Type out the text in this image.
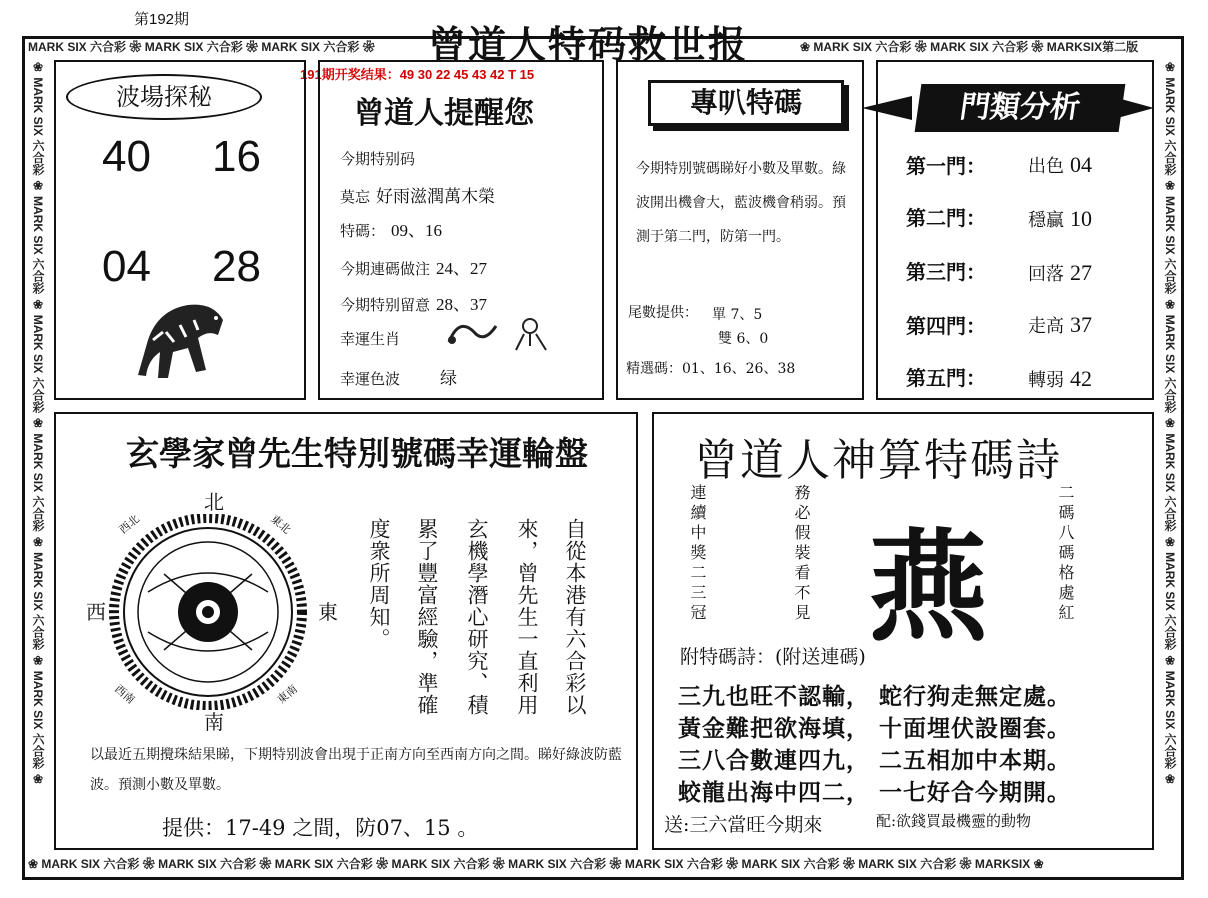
第192期
曾道人特码救世报
MARK SIX 六合彩 ❀ MARK SIX 六合彩 ❀ MARK SIX 六合彩 ❀	❀ MARK SIX 六合彩 ❀ MARK SIX 六合彩 ❀ MARKSIX第二版
❀ MARK SIX 六合彩 ❀ MARK SIX 六合彩 ❀ MARK SIX 六合彩 ❀ MARK SIX 六合彩 ❀ MARK SIX 六合彩 ❀ MARK SIX 六合彩 ❀ MARK SIX 六合彩 ❀ MARK SIX 六合彩 ❀ MARKSIX ❀
❀ MARK SIX 六合彩 ❀ MARK SIX 六合彩 ❀ MARK SIX 六合彩 ❀ MARK SIX 六合彩 ❀ MARK SIX 六合彩 ❀ MARK SIX 六合彩 ❀
❀ MARK SIX 六合彩 ❀ MARK SIX 六合彩 ❀ MARK SIX 六合彩 ❀ MARK SIX 六合彩 ❀ MARK SIX 六合彩 ❀ MARK SIX 六合彩 ❀
191期开奖结果：49 30 22 45 43 42 T 15
波場探秘
40 16
04 28
曾道人提醒您
今期特别码
莫忘 好雨滋潤萬木榮
特碼： 09、16
今期連碼做注 24、27
今期特别留意 28、37
幸運生肖
幸運色波 绿
專叭特碼
今期特別號碼睇好小數及單數。綠波開出機會大，藍波機會稍弱。預測于第二門，防第一門。
尾數提供： 單 7、5
雙 6、0
精選碼：01、16、26、38
門類分析
第一門： 出色 04
第二門： 穩贏 10
第三門： 回落 27
第四門： 走高 37
第五門： 轉弱 42
玄學家曾先生特別號碼幸運輪盤
北
南
東
西
東北
西北
東南
西南	自從本港有六合彩以
來，曾先生一直利用
玄機學潛心研究、積
累了豐富經驗，準確
度衆所周知。
以最近五期攪珠結果睇，下期特别波會出現于正南方向至西南方向之間。睇好綠波防藍波。預測小數及單數。
提供：17-49 之間，防07、15 。
曾道人神算特碼詩
連續中獎二三冠	務必假裝看不見	二碼八碼格處紅
燕
附特碼詩：(附送連碼)
三九也旺不認輸， 蛇行狗走無定處。
黃金難把欲海填， 十面埋伏設圈套。
三八合數連四九， 二五相加中本期。
蛟龍出海中四二， 一七好合今期開。
送:三六當旺今期來	配:欲錢買最機靈的動物
